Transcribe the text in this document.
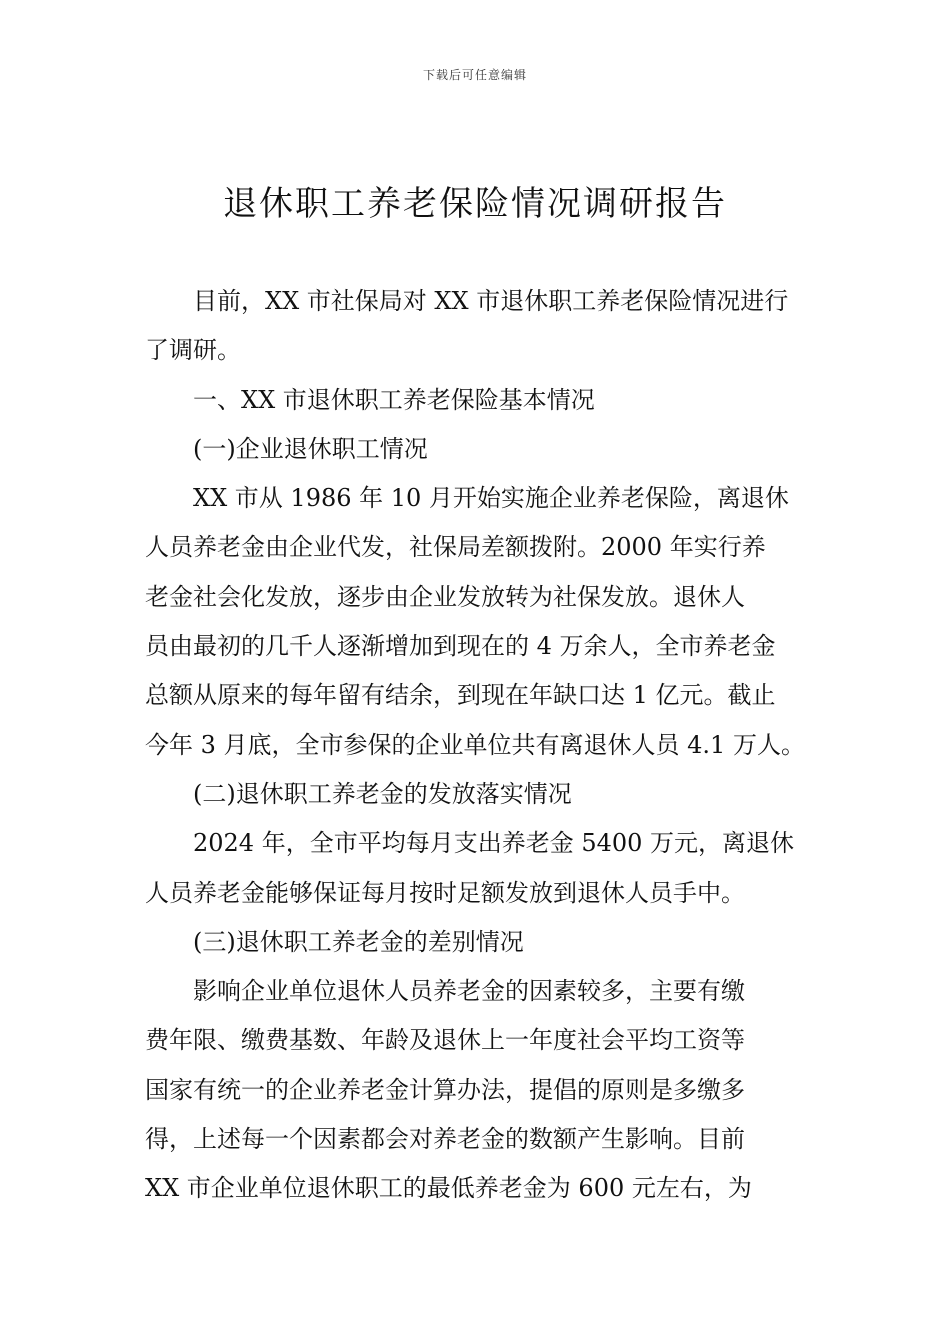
下载后可任意编辑
退休职工养老保险情况调研报告
目前，XX 市社保局对 XX 市退休职工养老保险情况进行
了调研。
一、XX 市退休职工养老保险基本情况
(一)企业退休职工情况
XX 市从 1986 年 10 月开始实施企业养老保险，离退休
人员养老金由企业代发，社保局差额拨附。2000 年实行养
老金社会化发放，逐步由企业发放转为社保发放。退休人
员由最初的几千人逐渐增加到现在的 4 万余人，全市养老金
总额从原来的每年留有结余，到现在年缺口达 1 亿元。截止
今年 3 月底，全市参保的企业单位共有离退休人员 4.1 万人。
(二)退休职工养老金的发放落实情况
2024 年，全市平均每月支出养老金 5400 万元，离退休
人员养老金能够保证每月按时足额发放到退休人员手中。
(三)退休职工养老金的差别情况
影响企业单位退休人员养老金的因素较多，主要有缴
费年限、缴费基数、年龄及退休上一年度社会平均工资等
国家有统一的企业养老金计算办法，提倡的原则是多缴多
得，上述每一个因素都会对养老金的数额产生影响。目前
XX 市企业单位退休职工的最低养老金为 600 元左右，为
